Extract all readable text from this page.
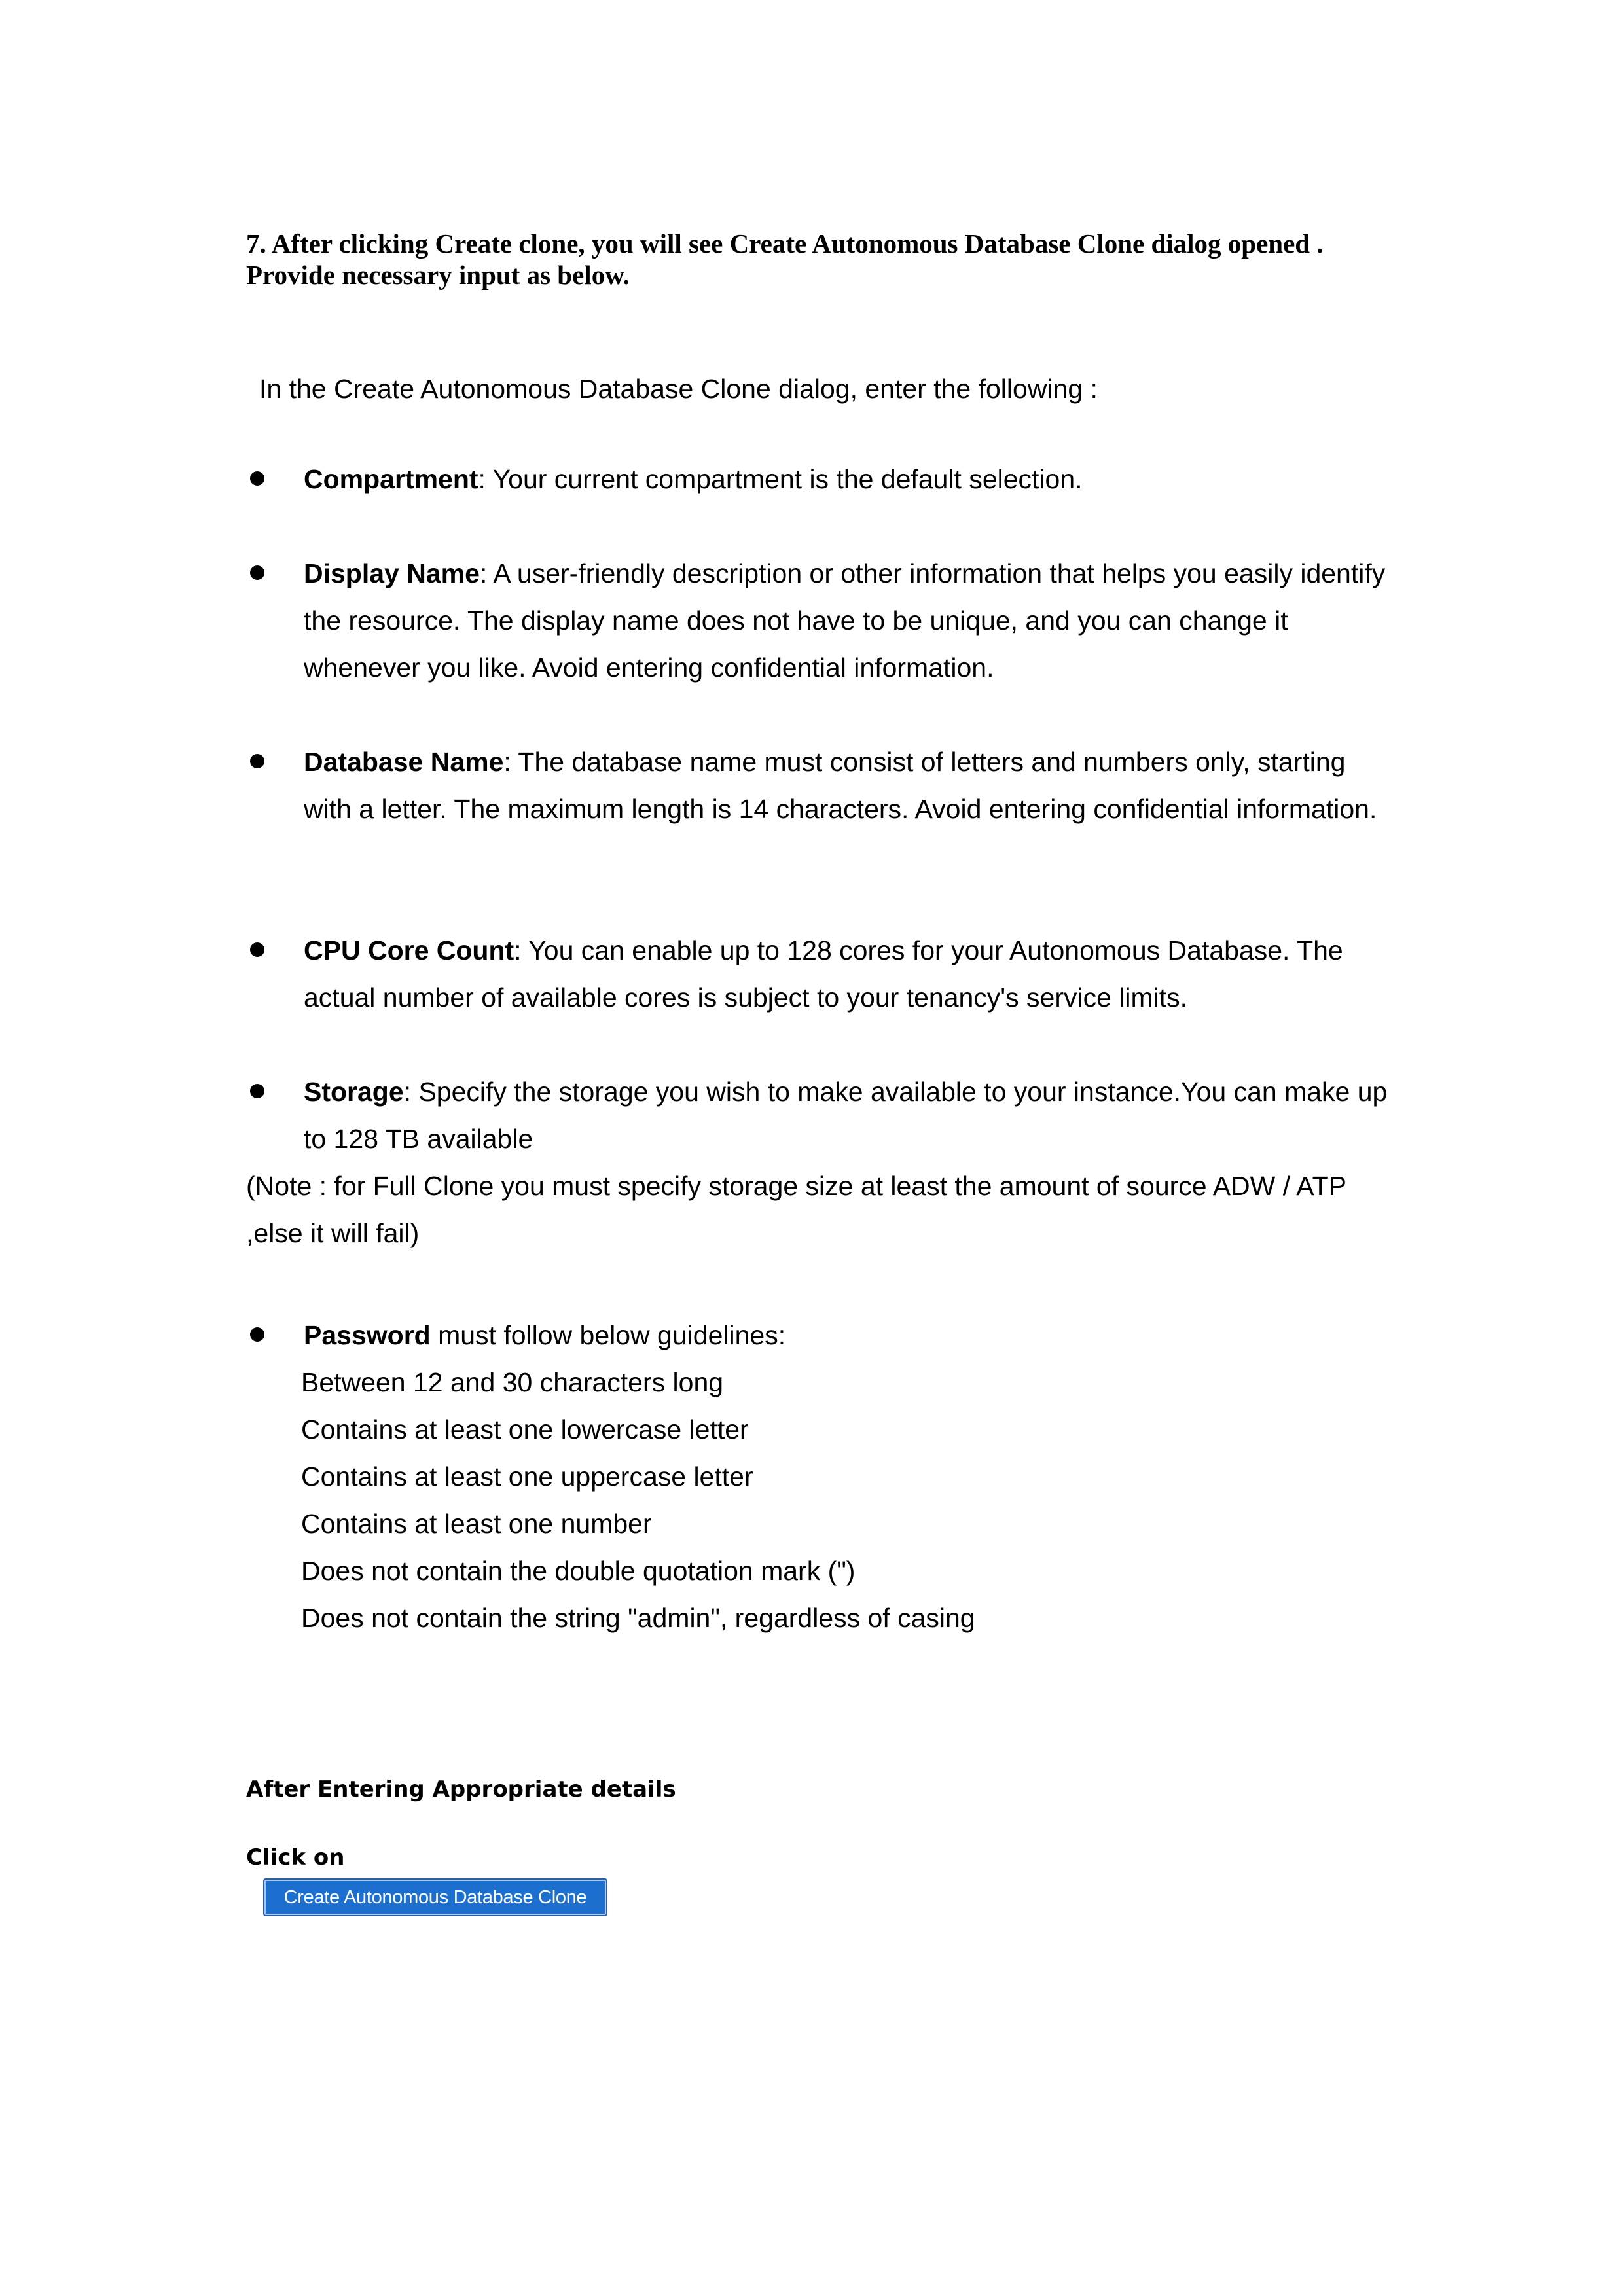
7. After clicking Create clone, you will see Create Autonomous Database Clone dialog opened .
Provide necessary input as below.
In the Create Autonomous Database Clone dialog, enter the following :
Compartment: Your current compartment is the default selection.
Display Name: A user-friendly description or other information that helps you easily identify the resource. The display name does not have to be unique, and you can change it whenever you like. Avoid entering confidential information.
Database Name: The database name must consist of letters and numbers only, starting with a letter. The maximum length is 14 characters. Avoid entering confidential information.
CPU Core Count: You can enable up to 128 cores for your Autonomous Database. The actual number of available cores is subject to your tenancy's service limits.
Storage: Specify the storage you wish to make available to your instance.You can make up to 128 TB available
(Note : for Full Clone you must specify storage size at least the amount of source ADW / ATP ,else it will fail)
Password must follow below guidelines:
Between 12 and 30 characters long
Contains at least one lowercase letter
Contains at least one uppercase letter
Contains at least one number
Does not contain the double quotation mark (")
Does not contain the string "admin", regardless of casing
After Entering Appropriate details
Click on
Create Autonomous Database Clone
